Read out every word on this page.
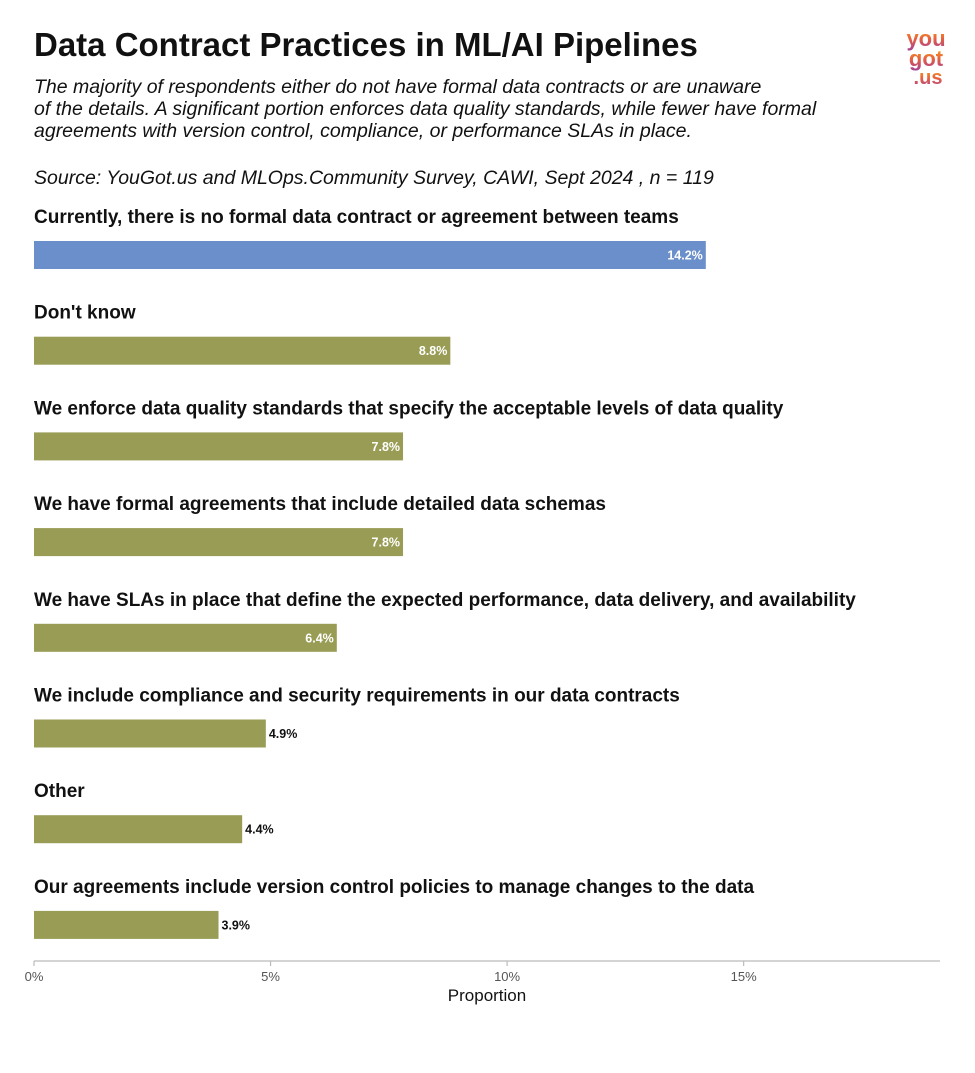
Data Contract Practices in ML/AI Pipelines
The majority of respondents either do not have formal data contracts or are unaware
of the details. A significant portion enforces data quality standards, while fewer have formal
agreements with version control, compliance, or performance SLAs in place.
Source: YouGot.us and MLOps.Community Survey, CAWI, Sept 2024 , n = 119
you
got
.us
Currently, there is no formal data contract or agreement between teams
14.2%
Don't know
8.8%
We enforce data quality standards that specify the acceptable levels of data quality
7.8%
We have formal agreements that include detailed data schemas
7.8%
We have SLAs in place that define the expected performance, data delivery, and availability
6.4%
We include compliance and security requirements in our data contracts
4.9%
Other
4.4%
Our agreements include version control policies to manage changes to the data
3.9%
0%	5%	10%	15%
Proportion
